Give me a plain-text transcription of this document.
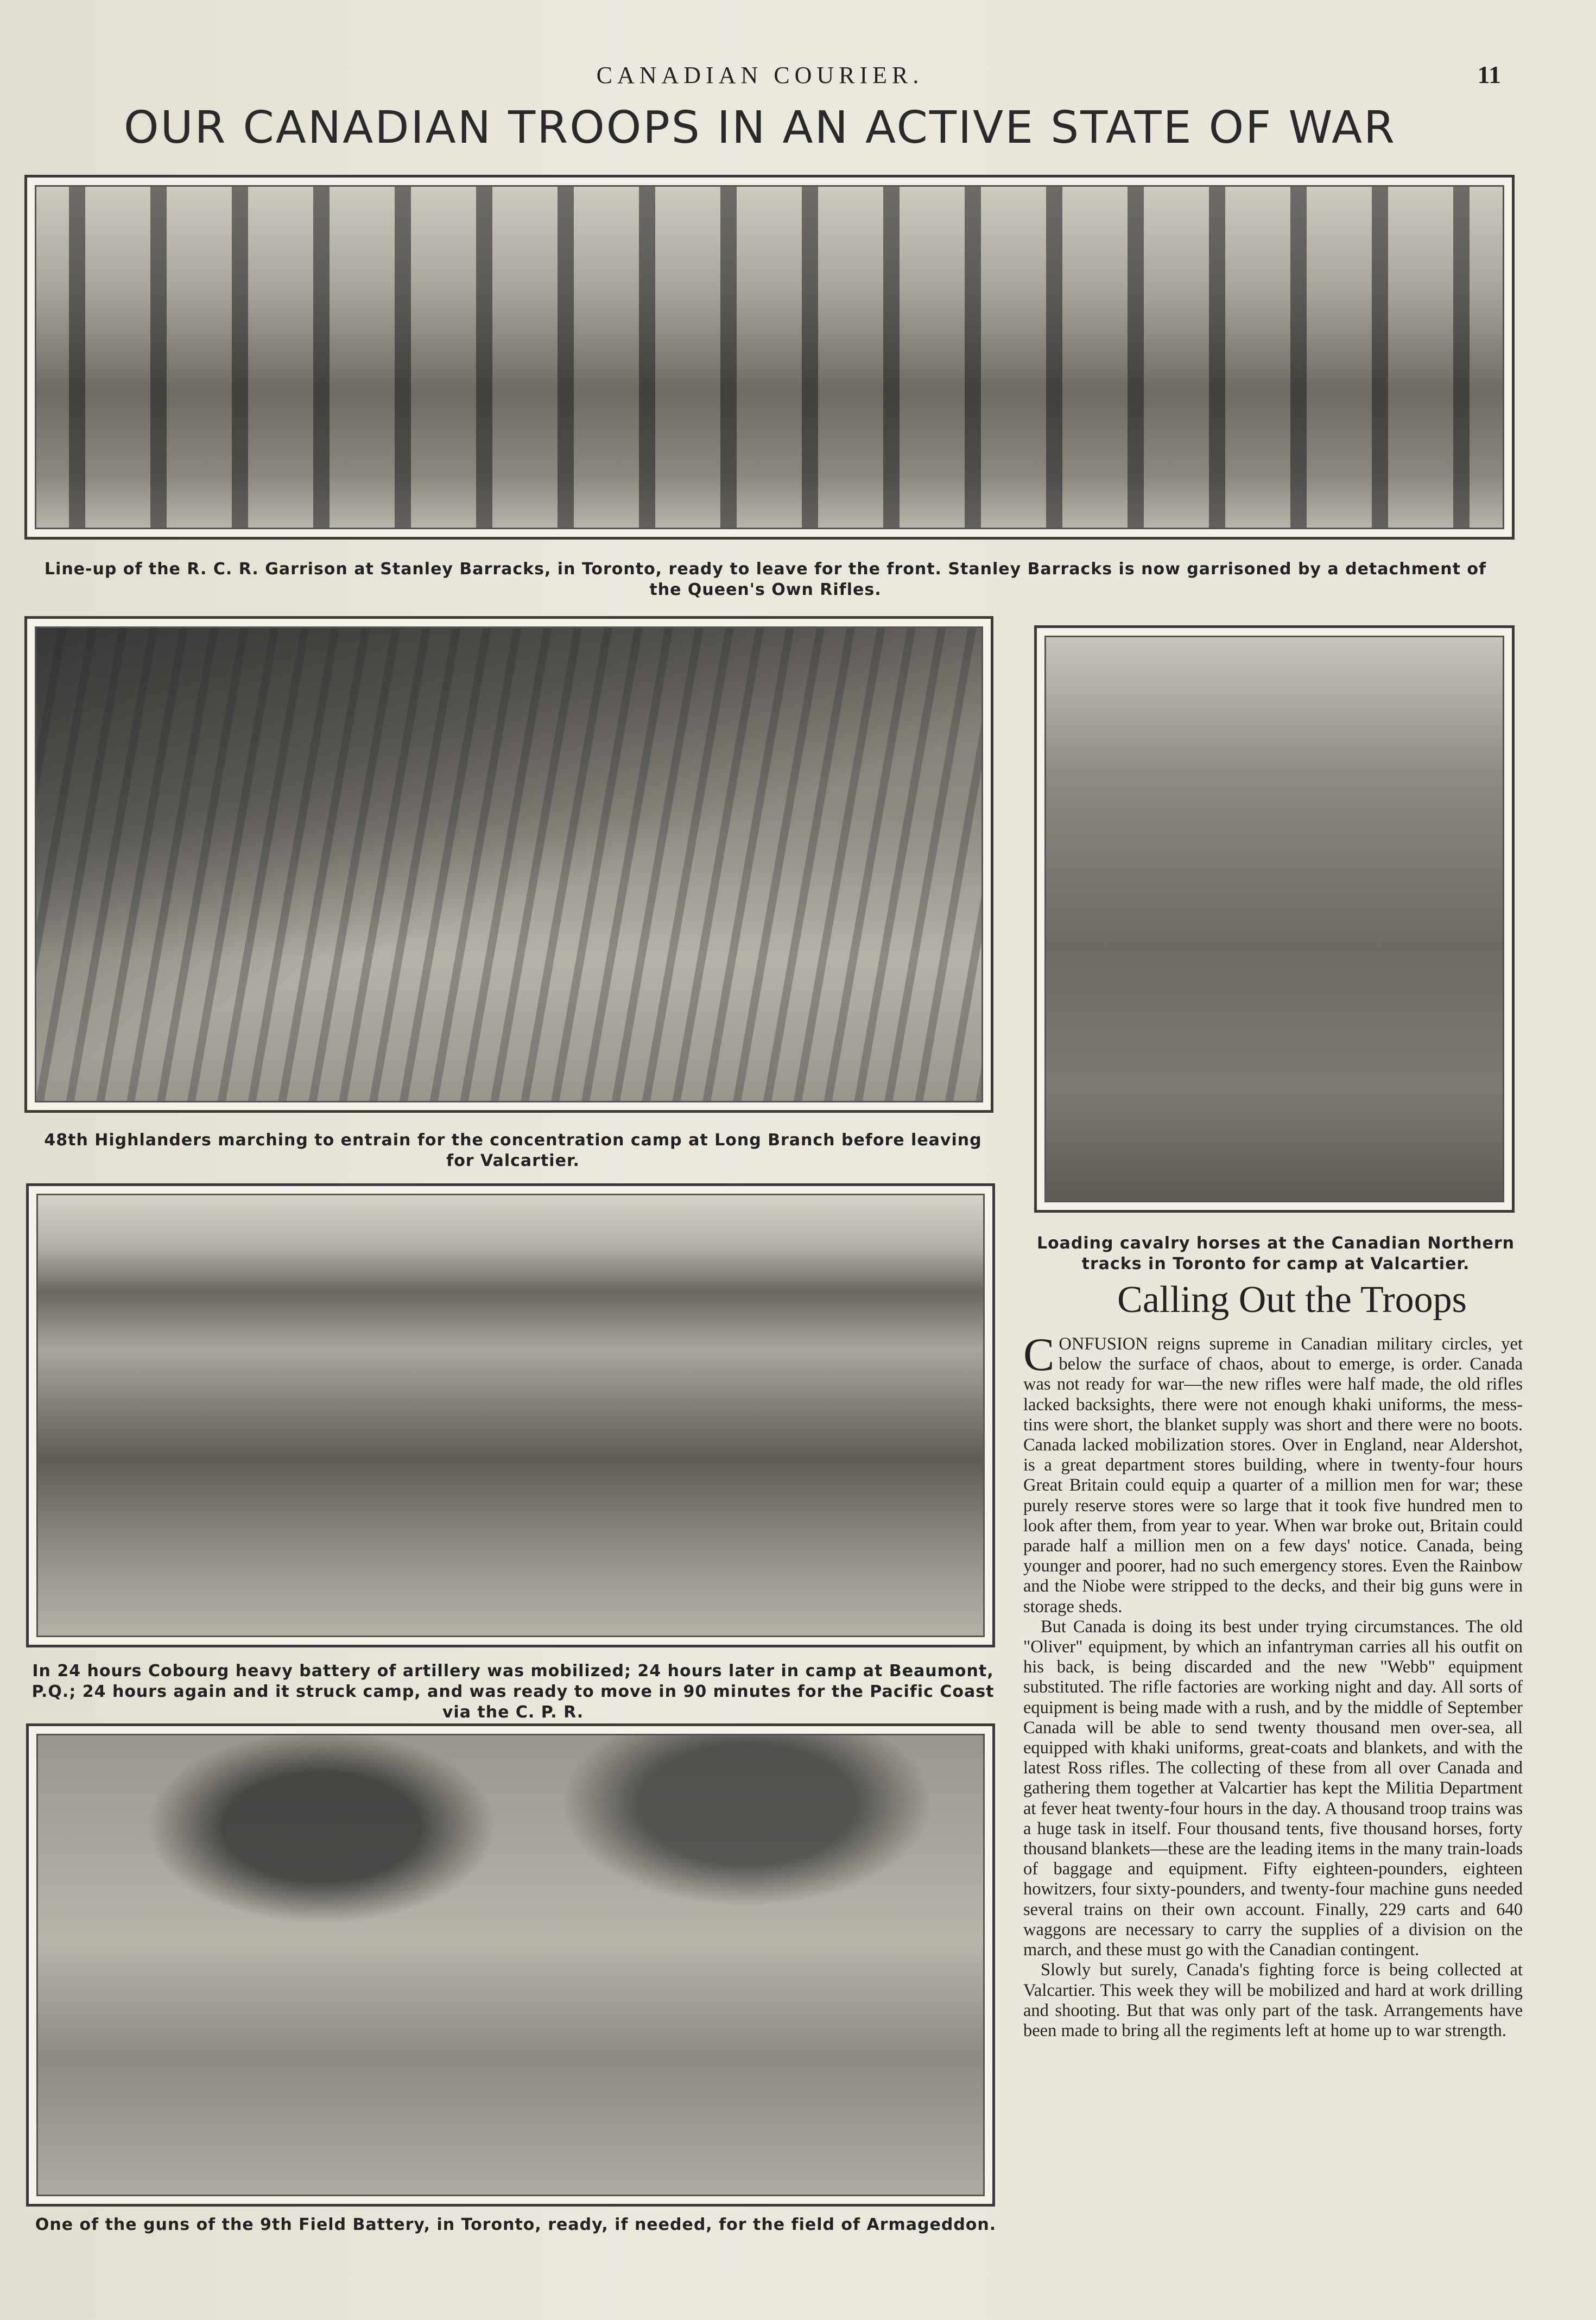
CANADIAN COURIER.	11
OUR CANADIAN TROOPS IN AN ACTIVE STATE OF WAR
Line-up of the R. C. R. Garrison at Stanley Barracks, in Toronto, ready to leave for the front. Stanley Barracks is now garrisoned by a detachment of the Queen's Own Rifles.
48th Highlanders marching to entrain for the concentration camp at Long Branch before leaving for Valcartier.
Loading cavalry horses at the Canadian Northern tracks in Toronto for camp at Valcartier.
In 24 hours Cobourg heavy battery of artillery was mobilized; 24 hours later in camp at Beaumont, P.Q.; 24 hours again and it struck camp, and was ready to move in 90 minutes for the Pacific Coast via the C. P. R.
One of the guns of the 9th Field Battery, in Toronto, ready, if needed, for the field of Armageddon.
Calling Out the Troops

CONFUSION reigns supreme in Canadian military circles, yet below the surface of chaos, about to emerge, is order. Canada was not ready for war—the new rifles were half made, the old rifles lacked backsights, there were not enough khaki uniforms, the mess-tins were short, the blanket supply was short and there were no boots. Canada lacked mobilization stores. Over in England, near Aldershot, is a great department stores building, where in twenty-four hours Great Britain could equip a quarter of a million men for war; these purely reserve stores were so large that it took five hundred men to look after them, from year to year. When war broke out, Britain could parade half a million men on a few days' notice. Canada, being younger and poorer, had no such emergency stores. Even the Rainbow and the Niobe were stripped to the decks, and their big guns were in storage sheds.

But Canada is doing its best under trying circumstances. The old "Oliver" equipment, by which an infantryman carries all his outfit on his back, is being discarded and the new "Webb" equipment substituted. The rifle factories are working night and day. All sorts of equipment is being made with a rush, and by the middle of September Canada will be able to send twenty thousand men over-sea, all equipped with khaki uniforms, great-coats and blankets, and with the latest Ross rifles. The collecting of these from all over Canada and gathering them together at Valcartier has kept the Militia Department at fever heat twenty-four hours in the day. A thousand troop trains was a huge task in itself. Four thousand tents, five thousand horses, forty thousand blankets—these are the leading items in the many train-loads of baggage and equipment. Fifty eighteen-pounders, eighteen howitzers, four sixty-pounders, and twenty-four machine guns needed several trains on their own account. Finally, 229 carts and 640 waggons are necessary to carry the supplies of a division on the march, and these must go with the Canadian contingent.

Slowly but surely, Canada's fighting force is being collected at Valcartier. This week they will be mobilized and hard at work drilling and shooting. But that was only part of the task. Arrangements have been made to bring all the regiments left at home up to war strength.
